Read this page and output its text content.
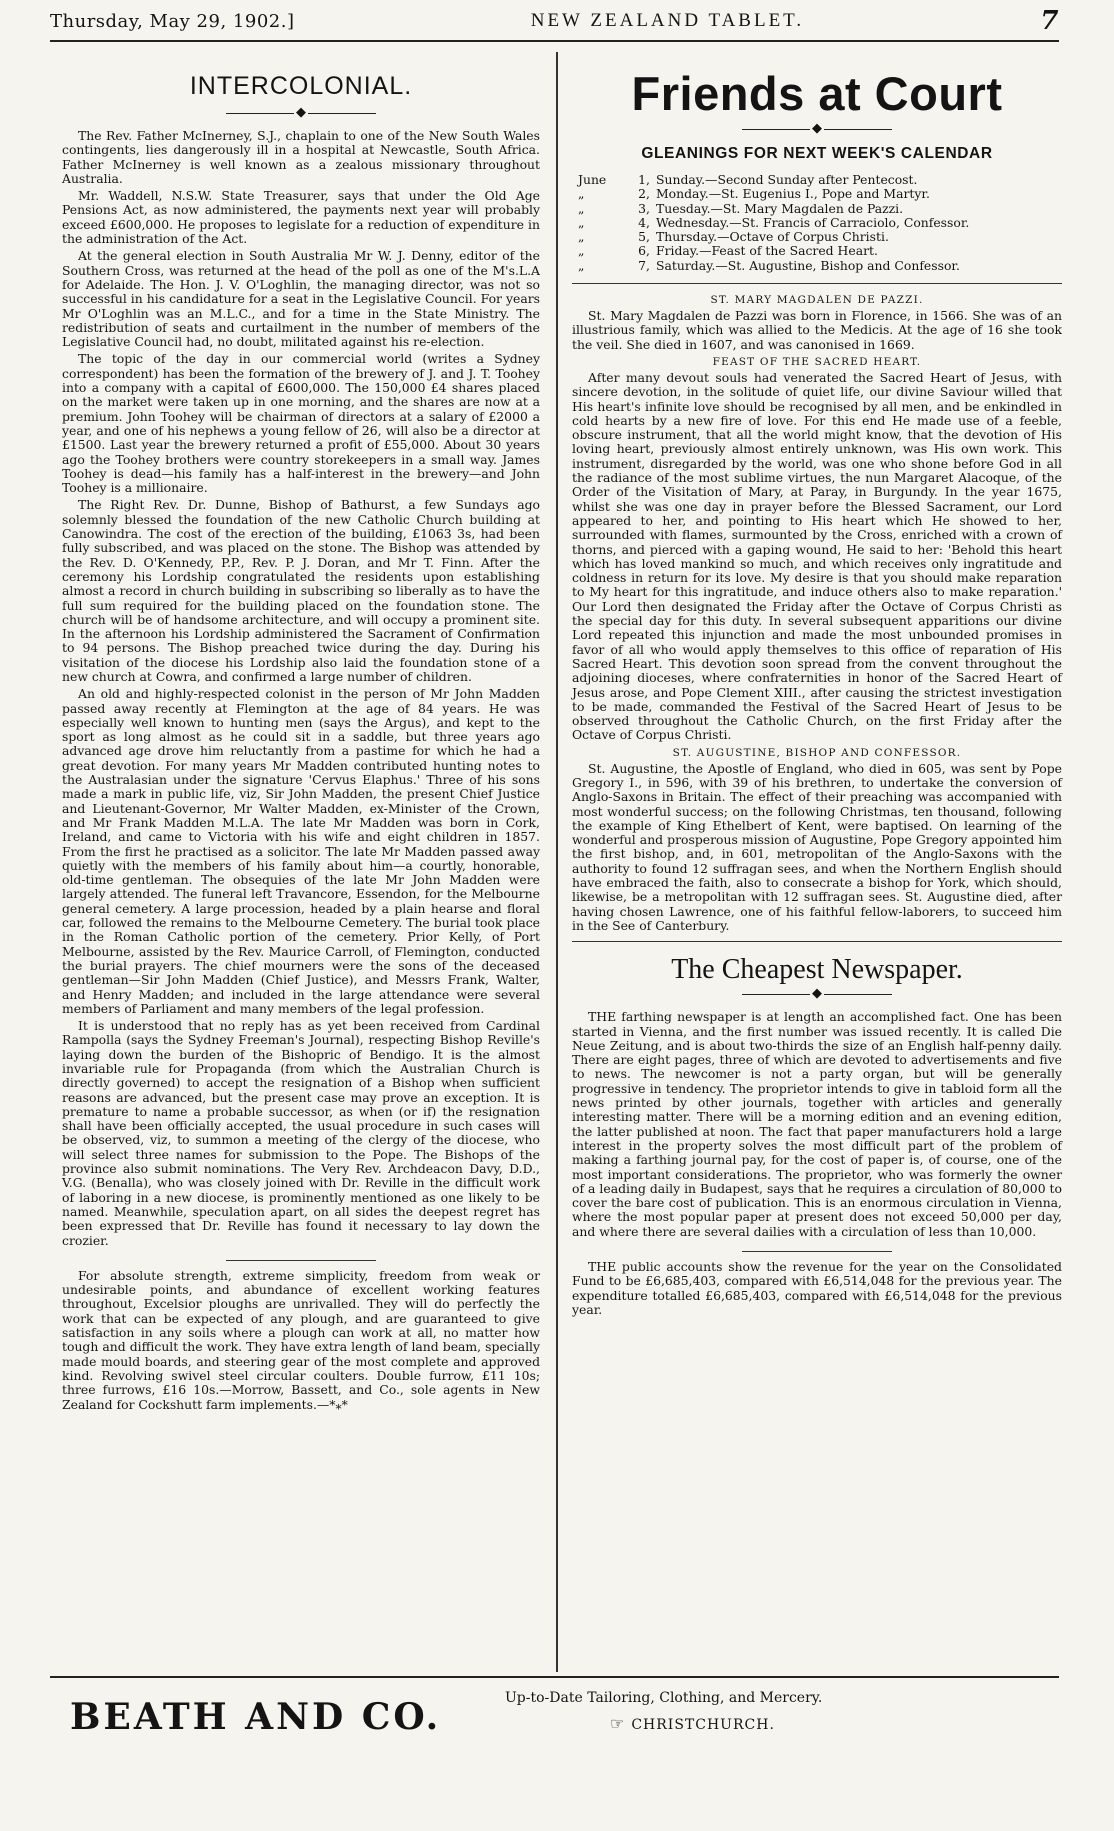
Thursday, May 29, 1902.]	NEW ZEALAND TABLET.	7
INTERCOLONIAL.
◆

The Rev. Father McInerney, S.J., chaplain to one of the New South Wales contingents, lies dangerously ill in a hospital at Newcastle, South Africa. Father McInerney is well known as a zealous missionary throughout Australia.

Mr. Waddell, N.S.W. State Treasurer, says that under the Old Age Pensions Act, as now administered, the payments next year will probably exceed £600,000. He proposes to legislate for a reduction of expenditure in the administration of the Act.

At the general election in South Australia Mr W. J. Denny, editor of the Southern Cross, was returned at the head of the poll as one of the M's.L.A for Adelaide. The Hon. J. V. O'Loghlin, the managing director, was not so successful in his candidature for a seat in the Legislative Council. For years Mr O'Loghlin was an M.L.C., and for a time in the State Ministry. The redistribution of seats and curtailment in the number of members of the Legislative Council had, no doubt, militated against his re-election.

The topic of the day in our commercial world (writes a Sydney correspondent) has been the formation of the brewery of J. and J. T. Toohey into a company with a capital of £600,000. The 150,000 £4 shares placed on the market were taken up in one morning, and the shares are now at a premium. John Toohey will be chairman of directors at a salary of £2000 a year, and one of his nephews a young fellow of 26, will also be a director at £1500. Last year the brewery returned a profit of £55,000. About 30 years ago the Toohey brothers were country storekeepers in a small way. James Toohey is dead—his family has a half-interest in the brewery—and John Toohey is a millionaire.

The Right Rev. Dr. Dunne, Bishop of Bathurst, a few Sundays ago solemnly blessed the foundation of the new Catholic Church building at Canowindra. The cost of the erection of the building, £1063 3s, had been fully subscribed, and was placed on the stone. The Bishop was attended by the Rev. D. O'Kennedy, P.P., Rev. P. J. Doran, and Mr T. Finn. After the ceremony his Lordship congratulated the residents upon establishing almost a record in church building in subscribing so liberally as to have the full sum required for the building placed on the foundation stone. The church will be of handsome architecture, and will occupy a prominent site. In the afternoon his Lordship administered the Sacrament of Confirmation to 94 persons. The Bishop preached twice during the day. During his visitation of the diocese his Lordship also laid the foundation stone of a new church at Cowra, and confirmed a large number of children.

An old and highly-respected colonist in the person of Mr John Madden passed away recently at Flemington at the age of 84 years. He was especially well known to hunting men (says the Argus), and kept to the sport as long almost as he could sit in a saddle, but three years ago advanced age drove him reluctantly from a pastime for which he had a great devotion. For many years Mr Madden contributed hunting notes to the Australasian under the signature 'Cervus Elaphus.' Three of his sons made a mark in public life, viz, Sir John Madden, the present Chief Justice and Lieutenant-Governor, Mr Walter Madden, ex-Minister of the Crown, and Mr Frank Madden M.L.A. The late Mr Madden was born in Cork, Ireland, and came to Victoria with his wife and eight children in 1857. From the first he practised as a solicitor. The late Mr Madden passed away quietly with the members of his family about him—a courtly, honorable, old-time gentleman. The obsequies of the late Mr John Madden were largely attended. The funeral left Travancore, Essendon, for the Melbourne general cemetery. A large procession, headed by a plain hearse and floral car, followed the remains to the Melbourne Cemetery. The burial took place in the Roman Catholic portion of the cemetery. Prior Kelly, of Port Melbourne, assisted by the Rev. Maurice Carroll, of Flemington, conducted the burial prayers. The chief mourners were the sons of the deceased gentleman—Sir John Madden (Chief Justice), and Messrs Frank, Walter, and Henry Madden; and included in the large attendance were several members of Parliament and many members of the legal profession.

It is understood that no reply has as yet been received from Cardinal Rampolla (says the Sydney Freeman's Journal), respecting Bishop Reville's laying down the burden of the Bishopric of Bendigo. It is the almost invariable rule for Propaganda (from which the Australian Church is directly governed) to accept the resignation of a Bishop when sufficient reasons are advanced, but the present case may prove an exception. It is premature to name a probable successor, as when (or if) the resignation shall have been officially accepted, the usual procedure in such cases will be observed, viz, to summon a meeting of the clergy of the diocese, who will select three names for submission to the Pope. The Bishops of the province also submit nominations. The Very Rev. Archdeacon Davy, D.D., V.G. (Benalla), who was closely joined with Dr. Reville in the difficult work of laboring in a new diocese, is prominently mentioned as one likely to be named. Meanwhile, speculation apart, on all sides the deepest regret has been expressed that Dr. Reville has found it necessary to lay down the crozier.

For absolute strength, extreme simplicity, freedom from weak or undesirable points, and abundance of excellent working features throughout, Excelsior ploughs are unrivalled. They will do perfectly the work that can be expected of any plough, and are guaranteed to give satisfaction in any soils where a plough can work at all, no matter how tough and difficult the work. They have extra length of land beam, specially made mould boards, and steering gear of the most complete and approved kind. Revolving swivel steel circular coulters. Double furrow, £11 10s; three furrows, £16 10s.—Morrow, Bassett, and Co., sole agents in New Zealand for Cockshutt farm implements.—*⁎*

Friends at Court
◆
GLEANINGS FOR NEXT WEEK'S CALENDAR
June	1, Sunday.—Second Sunday after Pentecost.
„	2, Monday.—St. Eugenius I., Pope and Martyr.
„	3, Tuesday.—St. Mary Magdalen de Pazzi.
„	4, Wednesday.—St. Francis of Carraciolo, Confessor.
„	5, Thursday.—Octave of Corpus Christi.
„	6, Friday.—Feast of the Sacred Heart.
„	7, Saturday.—St. Augustine, Bishop and Confessor.
ST. MARY MAGDALEN DE PAZZI.

St. Mary Magdalen de Pazzi was born in Florence, in 1566. She was of an illustrious family, which was allied to the Medicis. At the age of 16 she took the veil. She died in 1607, and was canonised in 1669.

FEAST OF THE SACRED HEART.

After many devout souls had venerated the Sacred Heart of Jesus, with sincere devotion, in the solitude of quiet life, our divine Saviour willed that His heart's infinite love should be recognised by all men, and be enkindled in cold hearts by a new fire of love. For this end He made use of a feeble, obscure instrument, that all the world might know, that the devotion of His loving heart, previously almost entirely unknown, was His own work. This instrument, disregarded by the world, was one who shone before God in all the radiance of the most sublime virtues, the nun Margaret Alacoque, of the Order of the Visitation of Mary, at Paray, in Burgundy. In the year 1675, whilst she was one day in prayer before the Blessed Sacrament, our Lord appeared to her, and pointing to His heart which He showed to her, surrounded with flames, surmounted by the Cross, enriched with a crown of thorns, and pierced with a gaping wound, He said to her: 'Behold this heart which has loved mankind so much, and which receives only ingratitude and coldness in return for its love. My desire is that you should make reparation to My heart for this ingratitude, and induce others also to make reparation.' Our Lord then designated the Friday after the Octave of Corpus Christi as the special day for this duty. In several subsequent apparitions our divine Lord repeated this injunction and made the most unbounded promises in favor of all who would apply themselves to this office of reparation of His Sacred Heart. This devotion soon spread from the convent throughout the adjoining dioceses, where confraternities in honor of the Sacred Heart of Jesus arose, and Pope Clement XIII., after causing the strictest investigation to be made, commanded the Festival of the Sacred Heart of Jesus to be observed throughout the Catholic Church, on the first Friday after the Octave of Corpus Christi.

ST. AUGUSTINE, BISHOP AND CONFESSOR.

St. Augustine, the Apostle of England, who died in 605, was sent by Pope Gregory I., in 596, with 39 of his brethren, to undertake the conversion of Anglo-Saxons in Britain. The effect of their preaching was accompanied with most wonderful success; on the following Christmas, ten thousand, following the example of King Ethelbert of Kent, were baptised. On learning of the wonderful and prosperous mission of Augustine, Pope Gregory appointed him the first bishop, and, in 601, metropolitan of the Anglo-Saxons with the authority to found 12 suffragan sees, and when the Northern English should have embraced the faith, also to consecrate a bishop for York, which should, likewise, be a metropolitan with 12 suffragan sees. St. Augustine died, after having chosen Lawrence, one of his faithful fellow-laborers, to succeed him in the See of Canterbury.

The Cheapest Newspaper.
◆

THE farthing newspaper is at length an accomplished fact. One has been started in Vienna, and the first number was issued recently. It is called Die Neue Zeitung, and is about two-thirds the size of an English half-penny daily. There are eight pages, three of which are devoted to advertisements and five to news. The newcomer is not a party organ, but will be generally progressive in tendency. The proprietor intends to give in tabloid form all the news printed by other journals, together with articles and generally interesting matter. There will be a morning edition and an evening edition, the latter published at noon. The fact that paper manufacturers hold a large interest in the property solves the most difficult part of the problem of making a farthing journal pay, for the cost of paper is, of course, one of the most important considerations. The proprietor, who was formerly the owner of a leading daily in Budapest, says that he requires a circulation of 80,000 to cover the bare cost of publication. This is an enormous circulation in Vienna, where the most popular paper at present does not exceed 50,000 per day, and where there are several dailies with a circulation of less than 10,000.

THE public accounts show the revenue for the year on the Consolidated Fund to be £6,685,403, compared with £6,514,048 for the previous year. The expenditure totalled £6,685,403, compared with £6,514,048 for the previous year.

BEATH AND CO.	Up-to-Date Tailoring, Clothing, and Mercery.
☞ CHRISTCHURCH.
